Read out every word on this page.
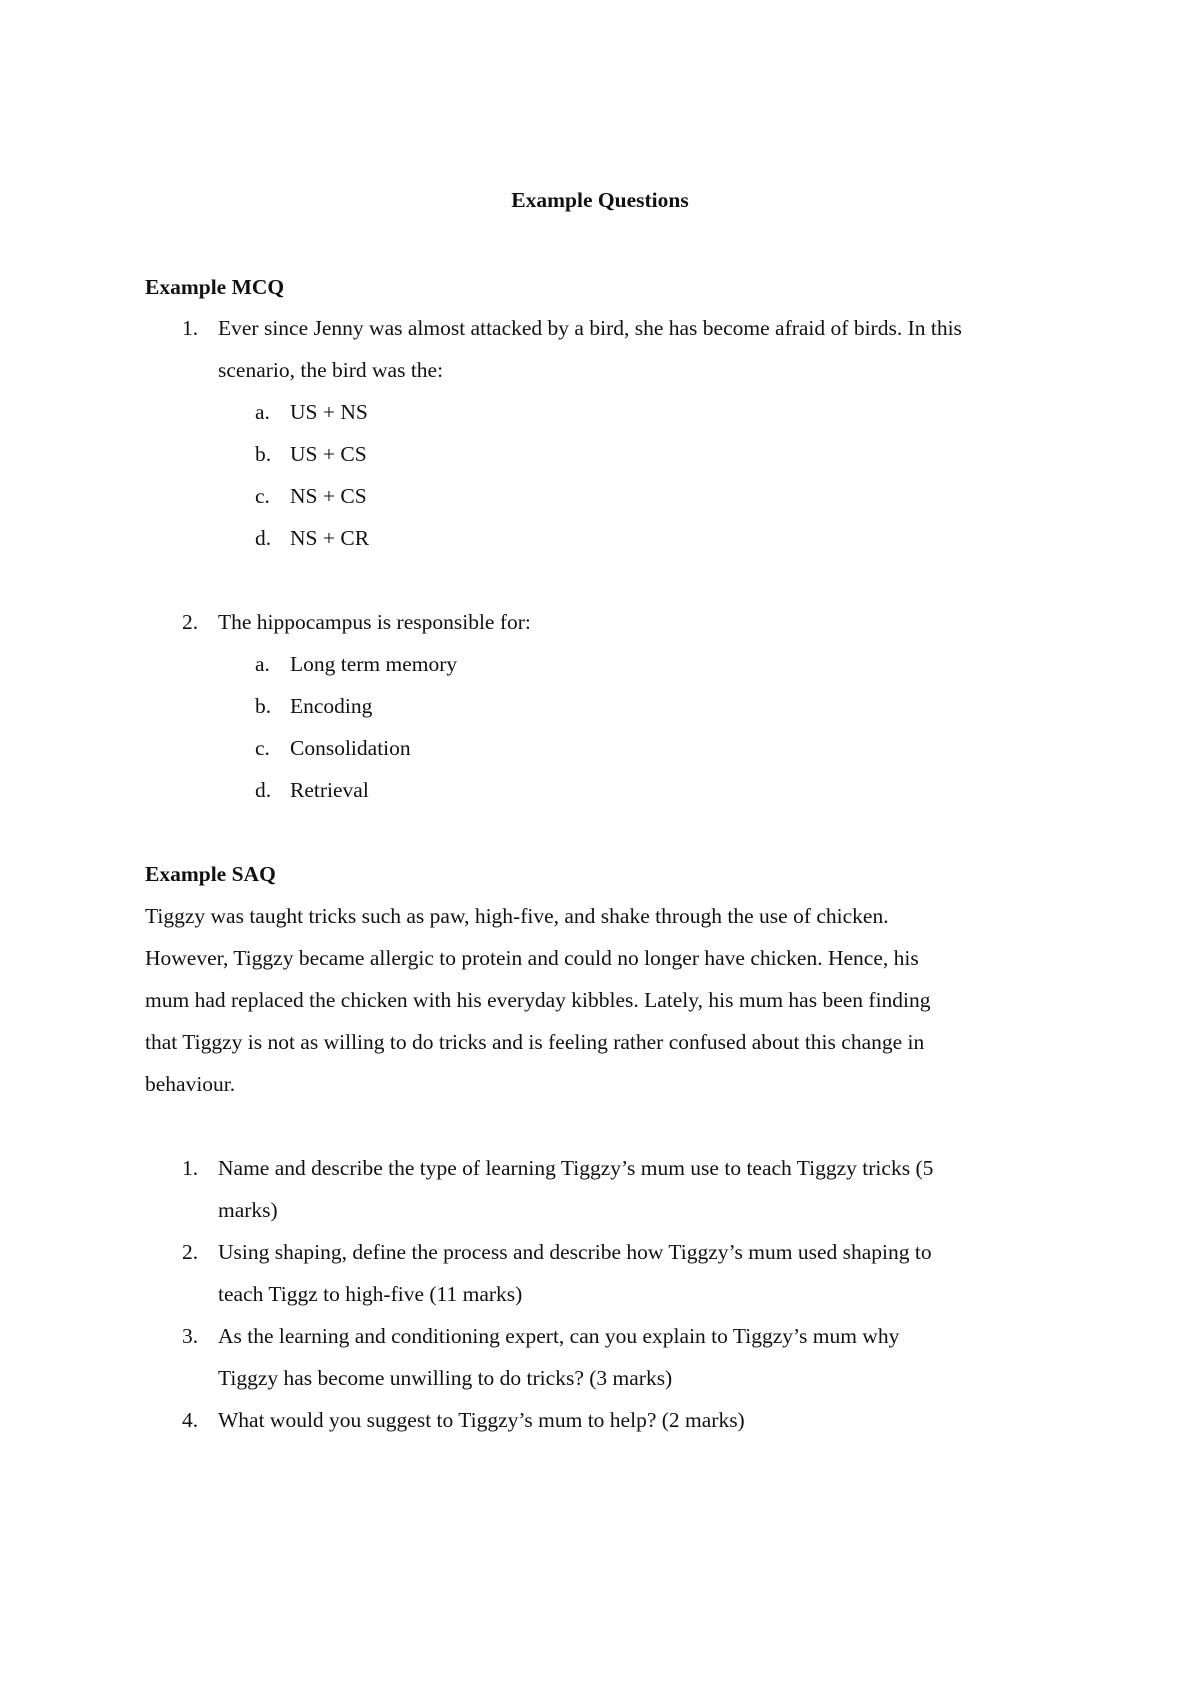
Example Questions
Example MCQ
1. Ever since Jenny was almost attacked by a bird, she has become afraid of birds. In this
scenario, the bird was the:
a. US + NS
b. US + CS
c. NS + CS
d. NS + CR
2. The hippocampus is responsible for:
a. Long term memory
b. Encoding
c. Consolidation
d. Retrieval
Example SAQ
Tiggzy was taught tricks such as paw, high-five, and shake through the use of chicken.
However, Tiggzy became allergic to protein and could no longer have chicken. Hence, his
mum had replaced the chicken with his everyday kibbles. Lately, his mum has been finding
that Tiggzy is not as willing to do tricks and is feeling rather confused about this change in
behaviour.
1. Name and describe the type of learning Tiggzy’s mum use to teach Tiggzy tricks (5
marks)
2. Using shaping, define the process and describe how Tiggzy’s mum used shaping to
teach Tiggz to high-five (11 marks)
3. As the learning and conditioning expert, can you explain to Tiggzy’s mum why
Tiggzy has become unwilling to do tricks? (3 marks)
4. What would you suggest to Tiggzy’s mum to help? (2 marks)
